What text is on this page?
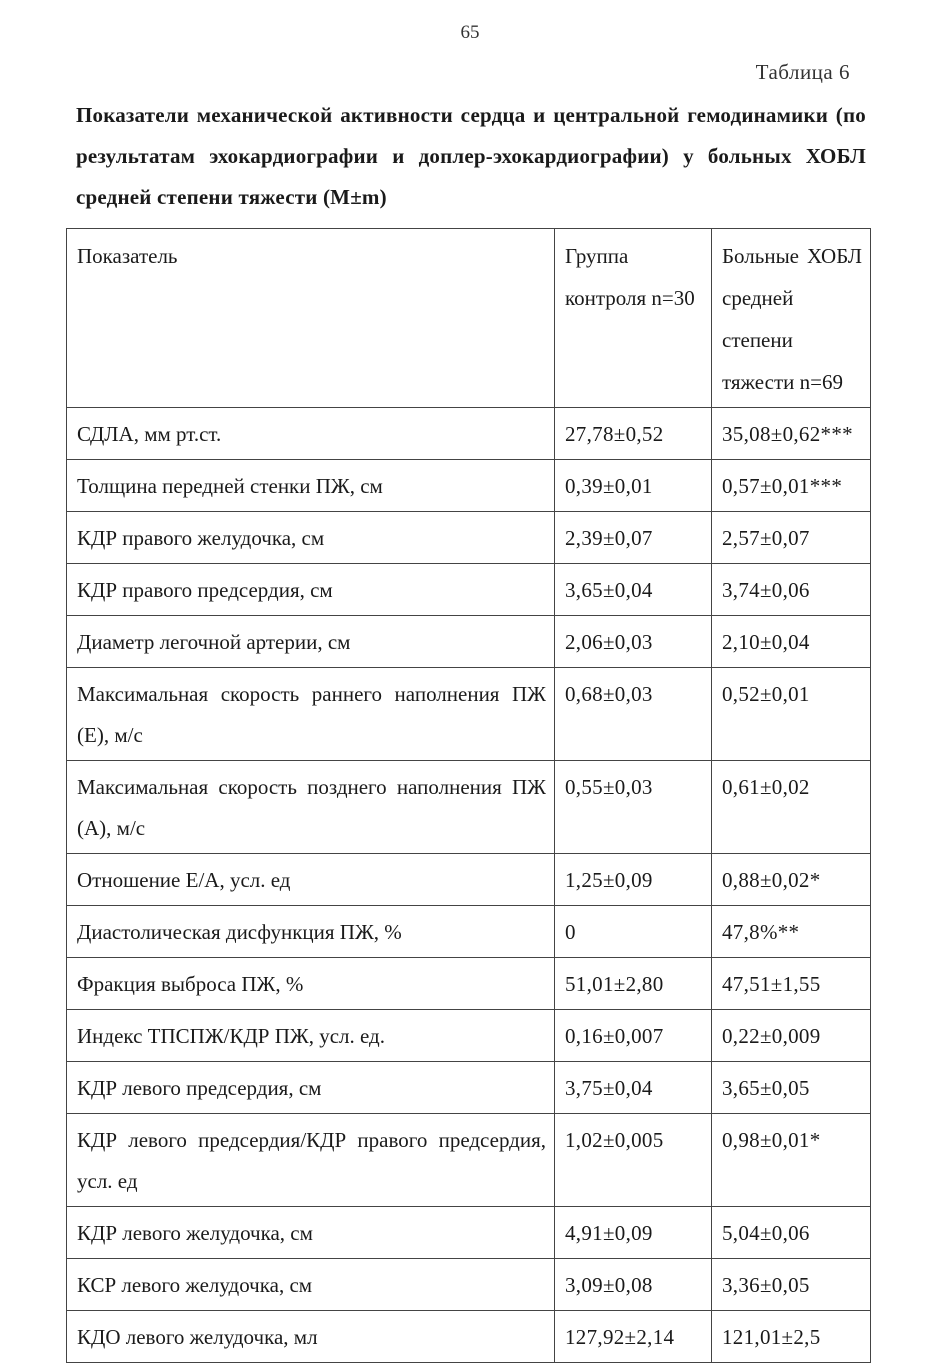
65
Таблица 6
Показатели механической активности сердца и центральной гемодинамики (по результатам эхокардиографии и доплер-эхокардиографии) у больных ХОБЛ средней степени тяжести (M±m)
Показатель	Группа контроля n=30	Больные ХОБЛ средней степени тяжести n=69
СДЛА, мм рт.ст.	27,78±0,52	35,08±0,62***
Толщина передней стенки ПЖ, см	0,39±0,01	0,57±0,01***
КДР правого желудочка, см	2,39±0,07	2,57±0,07
КДР правого предсердия, см	3,65±0,04	3,74±0,06
Диаметр легочной артерии, см	2,06±0,03	2,10±0,04
Максимальная скорость раннего наполнения ПЖ (E), м/с	0,68±0,03	0,52±0,01
Максимальная скорость позднего наполнения ПЖ (A), м/с	0,55±0,03	0,61±0,02
Отношение E/A, усл. ед	1,25±0,09	0,88±0,02*
Диастолическая дисфункция ПЖ, %	0	47,8%**
Фракция выброса ПЖ, %	51,01±2,80	47,51±1,55
Индекс ТПСПЖ/КДР ПЖ, усл. ед.	0,16±0,007	0,22±0,009
КДР левого предсердия, см	3,75±0,04	3,65±0,05
КДР левого предсердия/КДР правого предсердия, усл. ед	1,02±0,005	0,98±0,01*
КДР левого желудочка, см	4,91±0,09	5,04±0,06
КСР левого желудочка, см	3,09±0,08	3,36±0,05
КДО левого желудочка, мл	127,92±2,14	121,01±2,5
